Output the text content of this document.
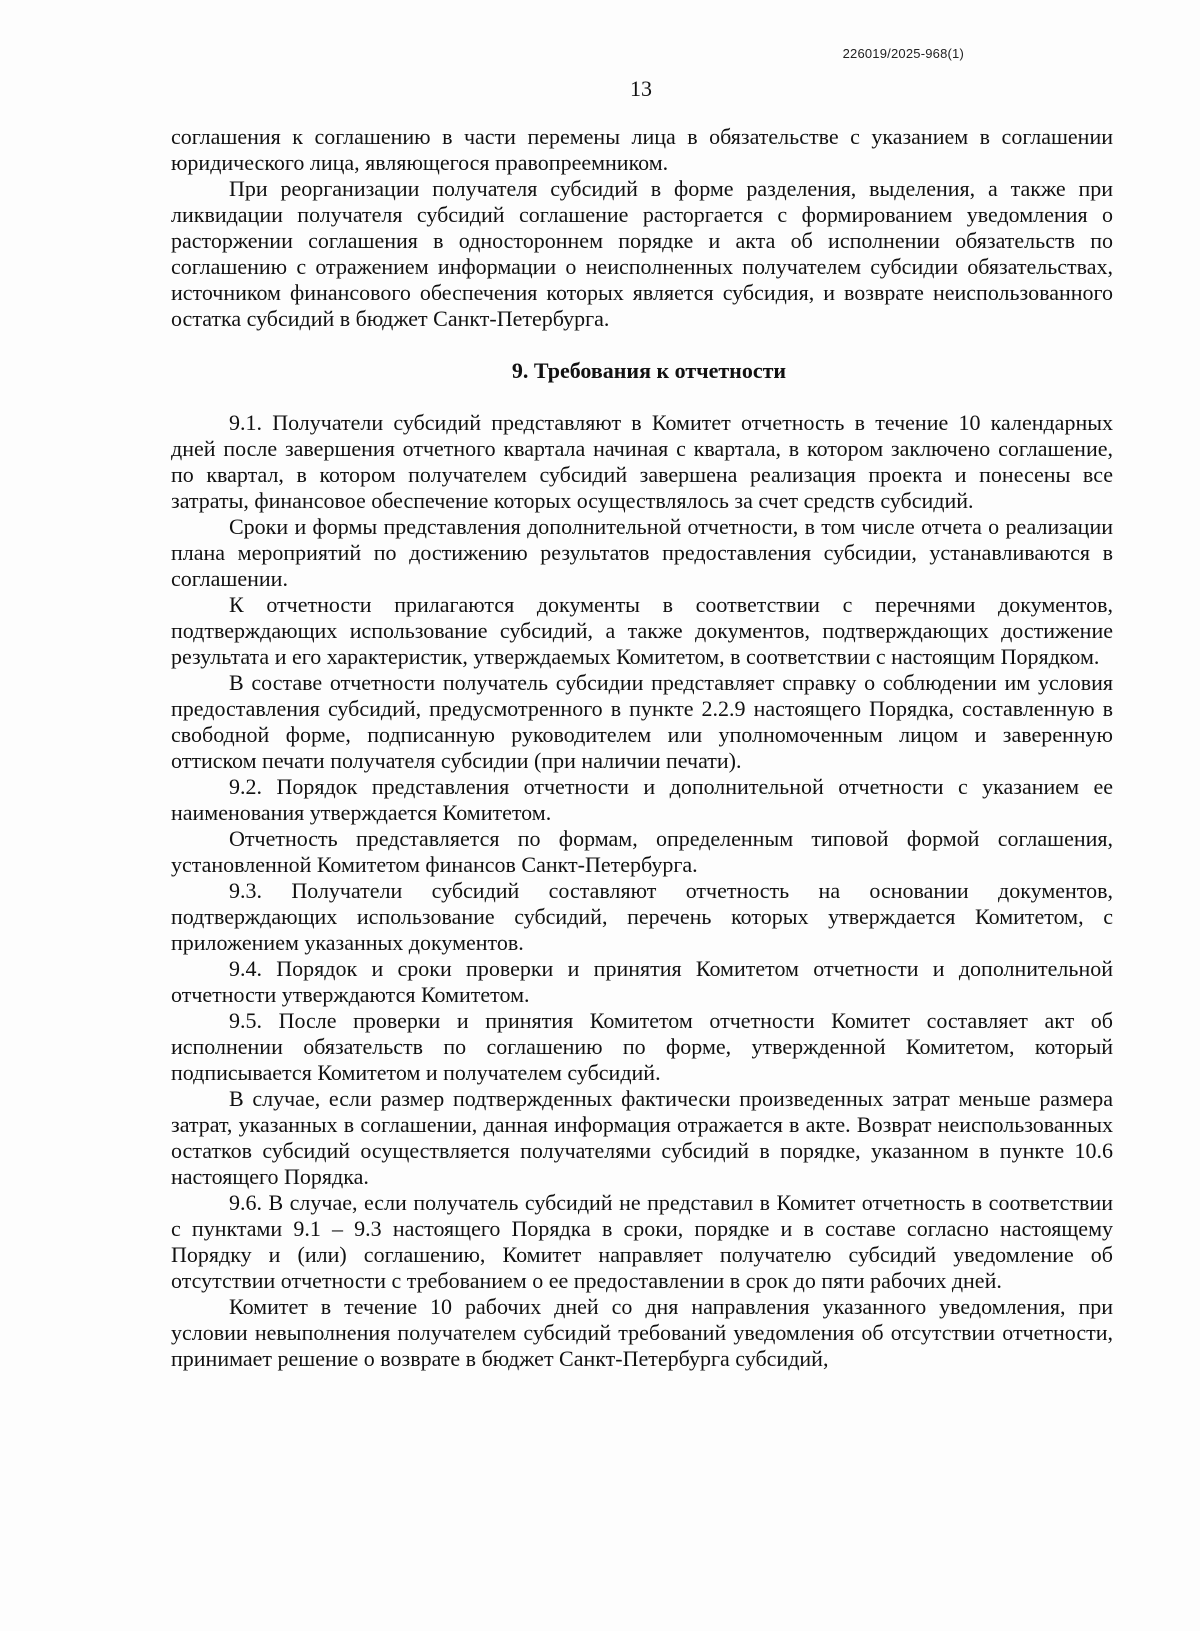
226019/2025-968(1)
13

соглашения к соглашению в части перемены лица в обязательстве с указанием в соглашении юридического лица, являющегося правопреемником.

При реорганизации получателя субсидий в форме разделения, выделения, а также при ликвидации получателя субсидий соглашение расторгается с формированием уведомления о расторжении соглашения в одностороннем порядке и акта об исполнении обязательств по соглашению с отражением информации о неисполненных получателем субсидии обязательствах, источником финансового обеспечения которых является субсидия, и возврате неиспользованного остатка субсидий в бюджет Санкт-Петербурга.

9. Требования к отчетности

9.1. Получатели субсидий представляют в Комитет отчетность в течение 10 календарных дней после завершения отчетного квартала начиная с квартала, в котором заключено соглашение, по квартал, в котором получателем субсидий завершена реализация проекта и понесены все затраты, финансовое обеспечение которых осуществлялось за счет средств субсидий.

Сроки и формы представления дополнительной отчетности, в том числе отчета о реализации плана мероприятий по достижению результатов предоставления субсидии, устанавливаются в соглашении.

К отчетности прилагаются документы в соответствии с перечнями документов, подтверждающих использование субсидий, а также документов, подтверждающих достижение результата и его характеристик, утверждаемых Комитетом, в соответствии с настоящим Порядком.

В составе отчетности получатель субсидии представляет справку о соблюдении им условия предоставления субсидий, предусмотренного в пункте 2.2.9 настоящего Порядка, составленную в свободной форме, подписанную руководителем или уполномоченным лицом и заверенную оттиском печати получателя субсидии (при наличии печати).

9.2. Порядок представления отчетности и дополнительной отчетности с указанием ее наименования утверждается Комитетом.

Отчетность представляется по формам, определенным типовой формой соглашения, установленной Комитетом финансов Санкт-Петербурга.

9.3. Получатели субсидий составляют отчетность на основании документов, подтверждающих использование субсидий, перечень которых утверждается Комитетом, с приложением указанных документов.

9.4. Порядок и сроки проверки и принятия Комитетом отчетности и дополнительной отчетности утверждаются Комитетом.

9.5. После проверки и принятия Комитетом отчетности Комитет составляет акт об исполнении обязательств по соглашению по форме, утвержденной Комитетом, который подписывается Комитетом и получателем субсидий.

В случае, если размер подтвержденных фактически произведенных затрат меньше размера затрат, указанных в соглашении, данная информация отражается в акте. Возврат неиспользованных остатков субсидий осуществляется получателями субсидий в порядке, указанном в пункте 10.6 настоящего Порядка.

9.6. В случае, если получатель субсидий не представил в Комитет отчетность в соответствии с пунктами 9.1 – 9.3 настоящего Порядка в сроки, порядке и в составе согласно настоящему Порядку и (или) соглашению, Комитет направляет получателю субсидий уведомление об отсутствии отчетности с требованием о ее предоставлении в срок до пяти рабочих дней.

Комитет в течение 10 рабочих дней со дня направления указанного уведомления, при условии невыполнения получателем субсидий требований уведомления об отсутствии отчетности, принимает решение о возврате в бюджет Санкт-Петербурга субсидий,
